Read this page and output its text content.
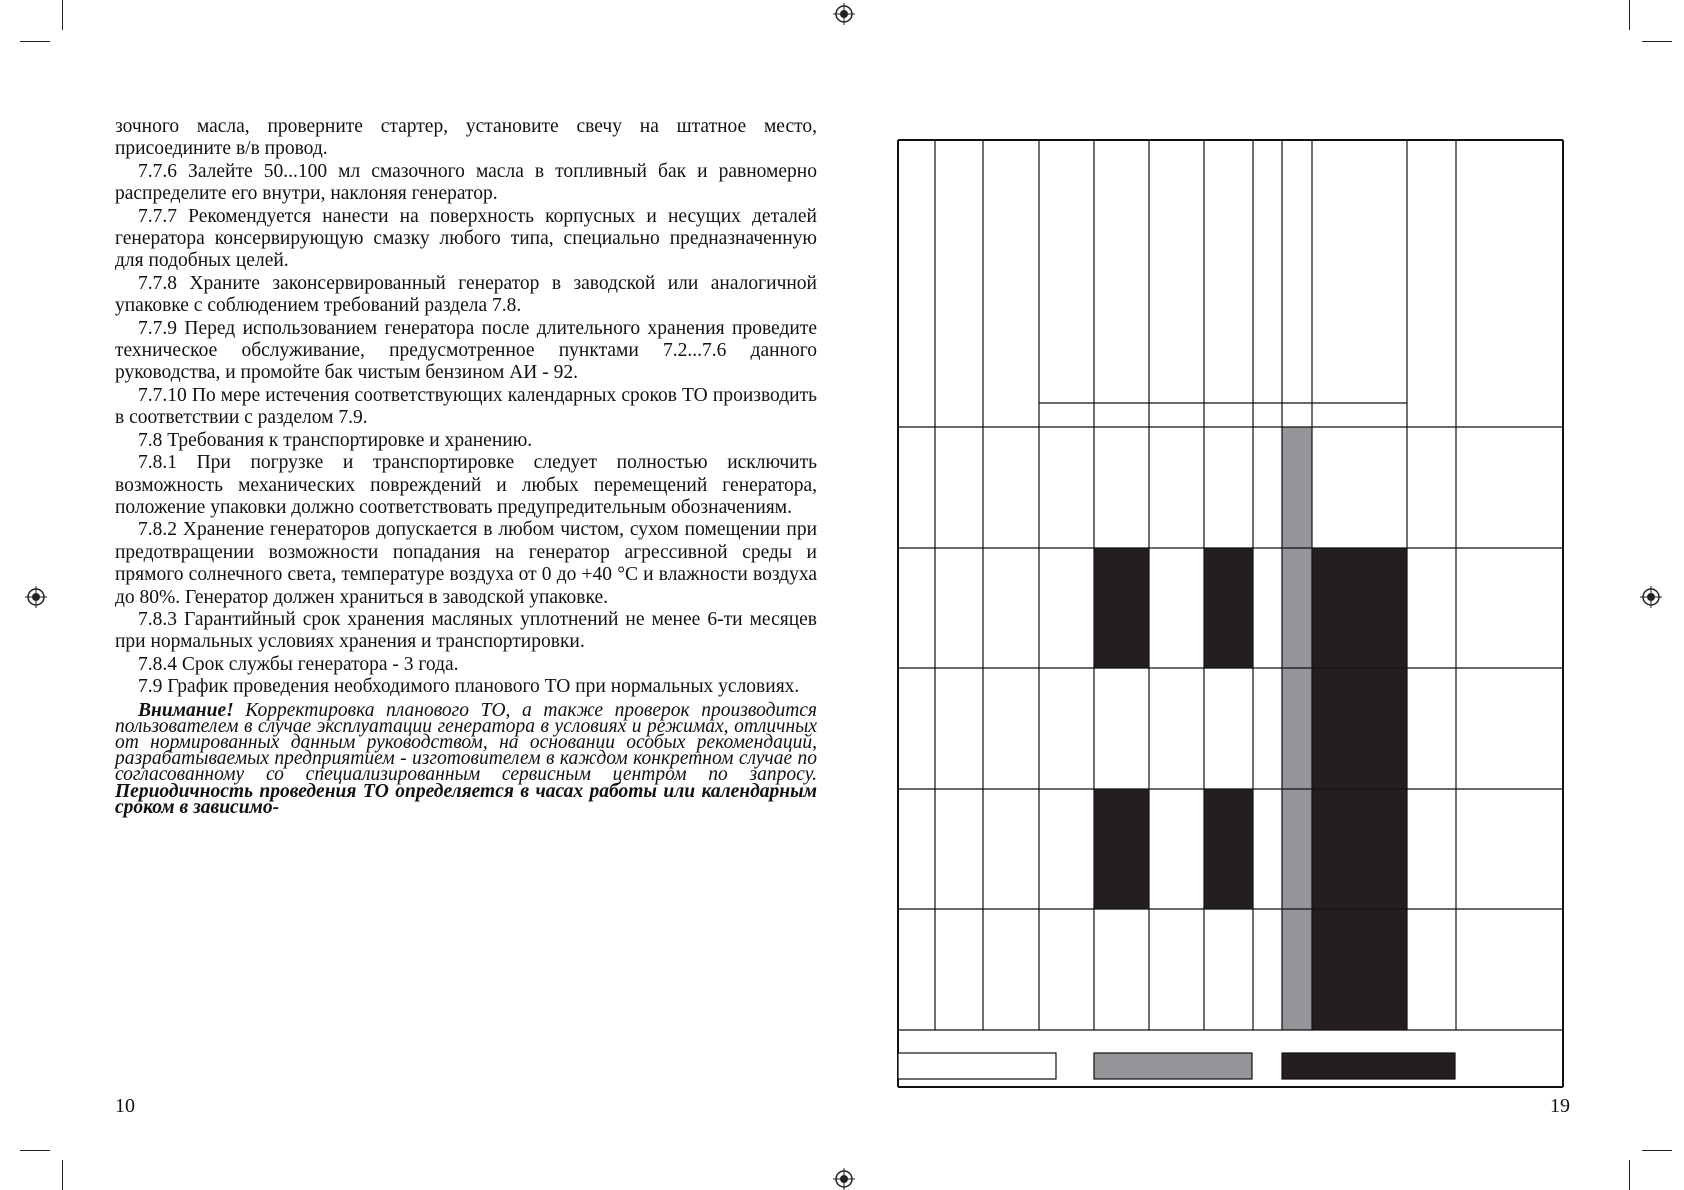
зочного масла, проверните стартер, установите свечу на штатное место, присоедините в/в провод.

7.7.6 Залейте 50...100 мл смазочного масла в топливный бак и равномерно распределите его внутри, наклоняя генератор.

7.7.7 Рекомендуется нанести на поверхность корпусных и несущих деталей генератора консервирующую смазку любого типа, специально предназначенную для подобных целей.

7.7.8 Храните законсервированный генератор в заводской или аналогичной упаковке с соблюдением требований раздела 7.8.

7.7.9 Перед использованием генератора после длительного хранения проведите техническое обслуживание, предусмотренное пунктами 7.2...7.6 данного руководства, и промойте бак чистым бензином АИ - 92.

7.7.10 По мере истечения соответствующих календарных сроков ТО производить в соответствии с разделом 7.9.

7.8 Требования к транспортировке и хранению.

7.8.1 При погрузке и транспортировке следует полностью исключить возможность механических повреждений и любых перемещений генератора, положение упаковки должно соответствовать предупредительным обозначениям.

7.8.2 Хранение генераторов допускается в любом чистом, сухом помещении при предотвращении возможности попадания на генератор агрессивной среды и прямого солнечного света, температуре воздуха от 0 до +40 °С и влажности воздуха до 80%. Генератор должен храниться в заводской упаковке.

7.8.3 Гарантийный срок хранения масляных уплотнений не менее 6-ти месяцев при нормальных условиях хранения и транспортировки.

7.8.4 Срок службы генератора - 3 года.

7.9 График проведения необходимого планового ТО при нормальных условиях.

Внимание! Корректировка планового ТО, а также проверок производится пользователем в случае эксплуатации генератора в условиях и режимах, отличных от нормированных данным руководством, на основании особых рекомендаций, разрабатываемых предприятием - изготовителем в каждом конкретном случае по согласованному со специализированным сервисным центром по запросу. Периодичность проведения ТО определяется в часах работы или календарным сроком в зависимо-

10	19
